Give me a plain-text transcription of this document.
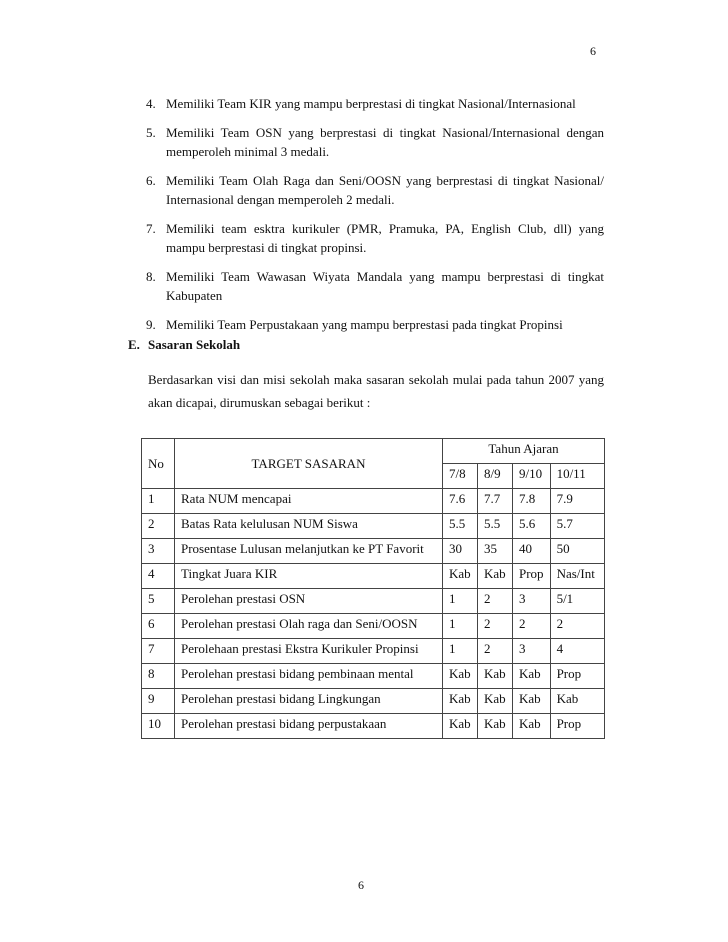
6
4. Memiliki Team KIR yang mampu berprestasi di tingkat Nasional/Internasional
5. Memiliki Team OSN yang berprestasi di tingkat Nasional/Internasional dengan memperoleh minimal 3 medali.
6. Memiliki Team Olah Raga dan Seni/OOSN yang berprestasi di tingkat Nasional/ Internasional dengan memperoleh 2 medali.
7. Memiliki team esktra kurikuler (PMR, Pramuka, PA, English Club, dll) yang mampu berprestasi di tingkat propinsi.
8. Memiliki Team Wawasan Wiyata Mandala yang mampu berprestasi di tingkat Kabupaten
9. Memiliki Team Perpustakaan yang mampu berprestasi pada tingkat Propinsi
E. Sasaran Sekolah
Berdasarkan visi dan misi sekolah maka sasaran sekolah mulai pada tahun 2007 yang akan dicapai, dirumuskan sebagai berikut :
No	TARGET SASARAN	Tahun Ajaran			
		7/8	8/9	9/10	10/11
1	Rata NUM mencapai	7.6	7.7	7.8	7.9
2	Batas Rata kelulusan NUM Siswa	5.5	5.5	5.6	5.7
3	Prosentase Lulusan melanjutkan ke PT Favorit	30	35	40	50
4	Tingkat Juara KIR	Kab	Kab	Prop	Nas/Int
5	Perolehan prestasi OSN	1	2	3	5/1
6	Perolehan prestasi Olah raga dan Seni/OOSN	1	2	2	2
7	Perolehaan prestasi Ekstra Kurikuler Propinsi	1	2	3	4
8	Perolehan prestasi bidang pembinaan mental	Kab	Kab	Kab	Prop
9	Perolehan prestasi bidang Lingkungan	Kab	Kab	Kab	Kab
10	Perolehan prestasi bidang perpustakaan	Kab	Kab	Kab	Prop
6
